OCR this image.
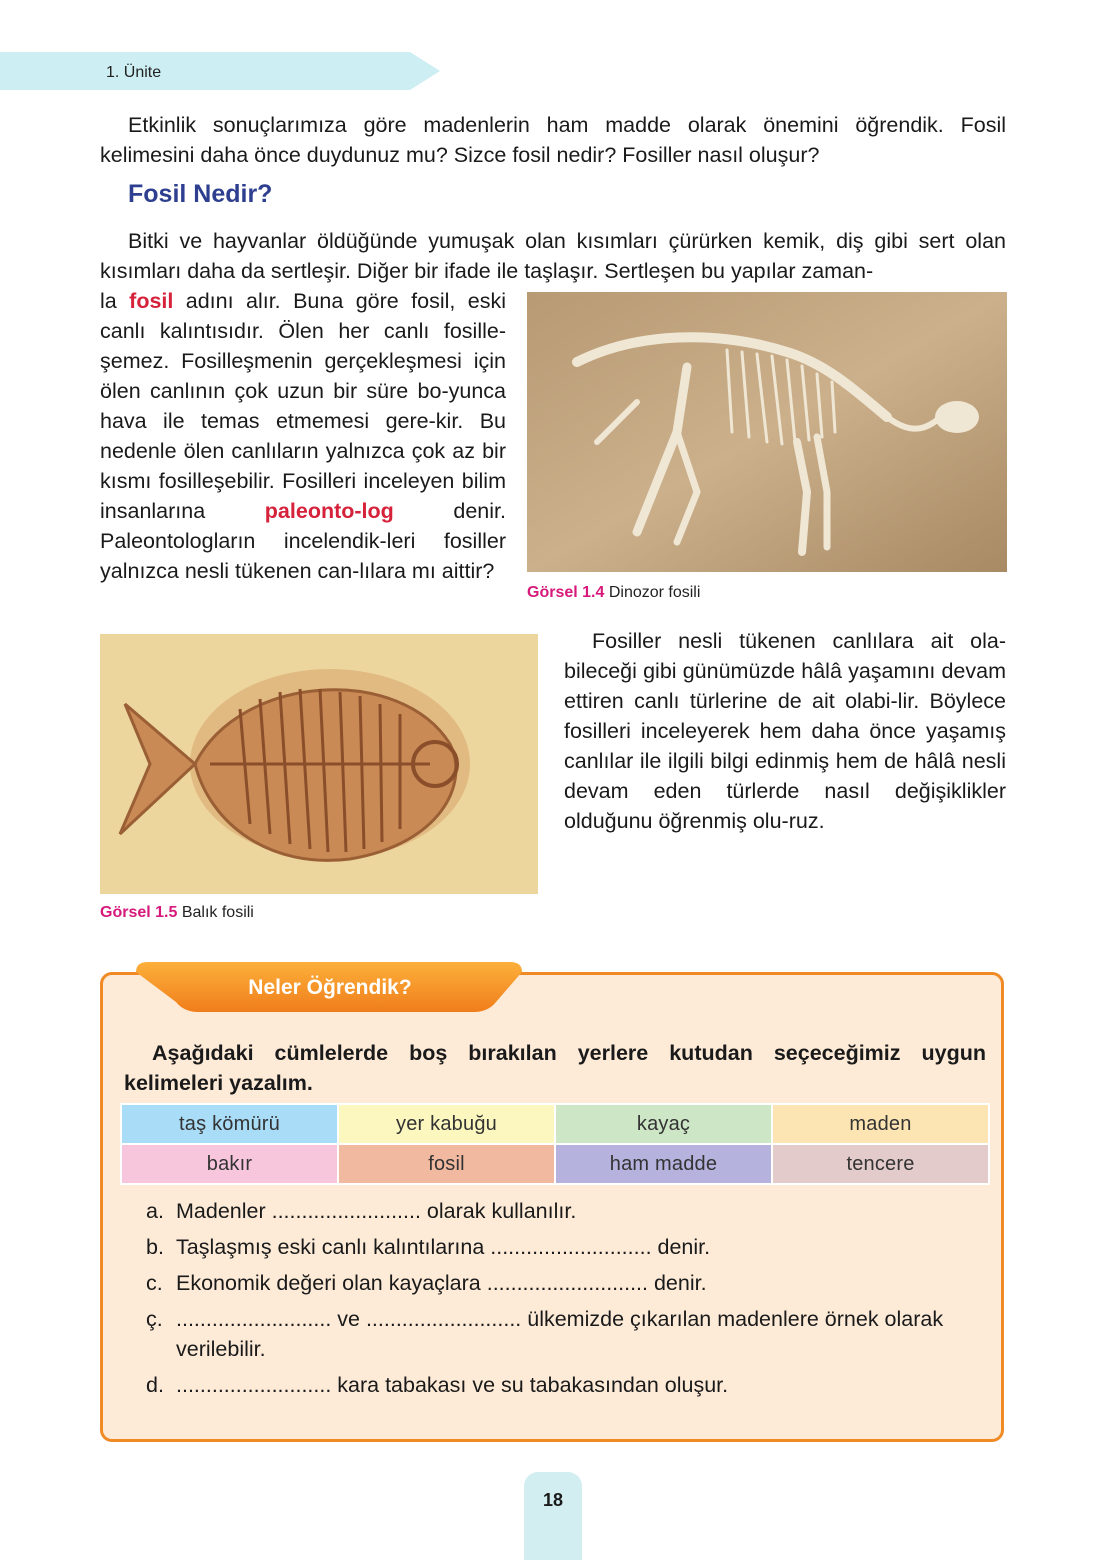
1. Ünite

Etkinlik sonuçlarımıza göre madenlerin ham madde olarak önemini öğrendik. Fosil kelimesini daha önce duydunuz mu? Sizce fosil nedir? Fosiller nasıl oluşur?

Fosil Nedir?

Bitki ve hayvanlar öldüğünde yumuşak olan kısımları çürürken kemik, diş gibi sert olan kısımları daha da sertleşir. Diğer bir ifade ile taşlaşır. Sertleşen bu yapılar zaman-

la fosil adını alır. Buna göre fosil, eski canlı kalıntısıdır. Ölen her canlı fosille-şemez. Fosilleşmenin gerçekleşmesi için ölen canlının çok uzun bir süre bo-yunca hava ile temas etmemesi gere-kir. Bu nedenle ölen canlıların yalnızca çok az bir kısmı fosilleşebilir. Fosilleri inceleyen bilim insanlarına paleonto-log denir. Paleontologların incelendik-leri fosiller yalnızca nesli tükenen can-lılara mı aittir?

Görsel 1.4 Dinozor fosili
Görsel 1.5 Balık fosili

Fosiller nesli tükenen canlılara ait ola-bileceği gibi günümüzde hâlâ yaşamını devam ettiren canlı türlerine de ait olabi-lir. Böylece fosilleri inceleyerek hem daha önce yaşamış canlılar ile ilgili bilgi edinmiş hem de hâlâ nesli devam eden türlerde nasıl değişiklikler olduğunu öğrenmiş olu-ruz.

Neler Öğrendik?
Aşağıdaki cümlelerde boş bırakılan yerlere kutudan seçeceğimiz uygun kelimeleri yazalım.
taş kömürü	yer kabuğu	kayaç	maden
bakır	fosil	ham madde	tencere
a. Madenler ......................... olarak kullanılır.
b. Taşlaşmış eski canlı kalıntılarına ........................... denir.
c. Ekonomik değeri olan kayaçlara ........................... denir.
ç. .......................... ve .......................... ülkemizde çıkarılan madenlere örnek olarak verilebilir.
d. .......................... kara tabakası ve su tabakasından oluşur.
18
